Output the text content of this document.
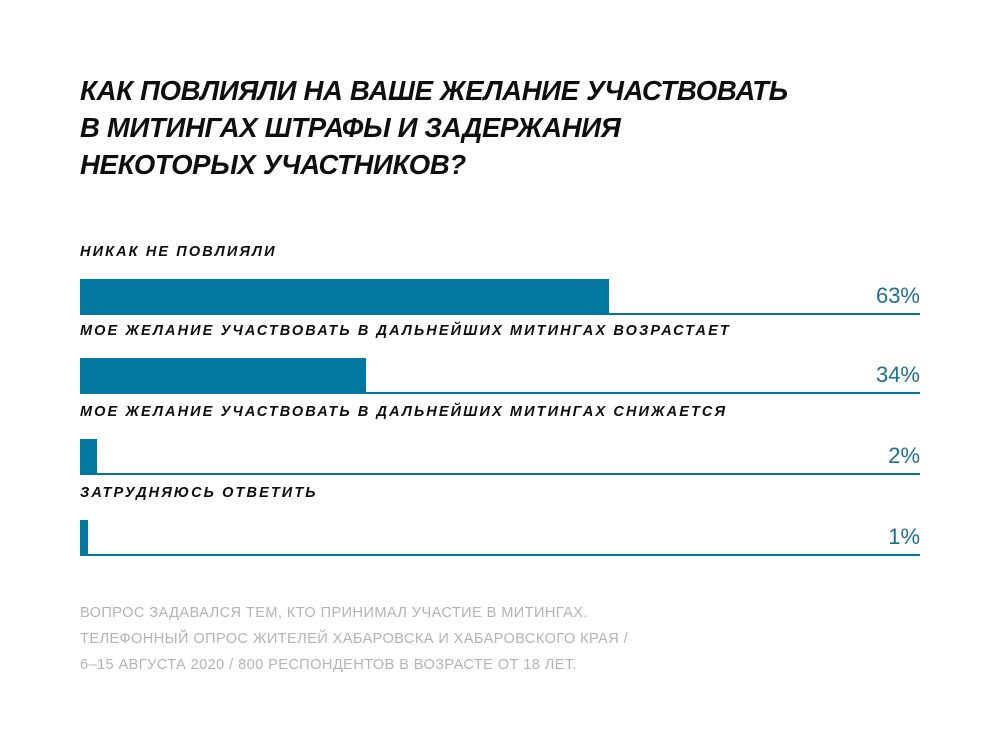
КАК ПОВЛИЯЛИ НА ВАШЕ ЖЕЛАНИЕ УЧАСТВОВАТЬ
В МИТИНГАХ ШТРАФЫ И ЗАДЕРЖАНИЯ
НЕКОТОРЫХ УЧАСТНИКОВ?
НИКАК НЕ ПОВЛИЯЛИ
63%
МОЕ ЖЕЛАНИЕ УЧАСТВОВАТЬ В ДАЛЬНЕЙШИХ МИТИНГАХ ВОЗРАСТАЕТ
34%
МОЕ ЖЕЛАНИЕ УЧАСТВОВАТЬ В ДАЛЬНЕЙШИХ МИТИНГАХ СНИЖАЕТСЯ
2%
ЗАТРУДНЯЮСЬ ОТВЕТИТЬ
1%
ВОПРОС ЗАДАВАЛСЯ ТЕМ, КТО ПРИНИМАЛ УЧАСТИЕ В МИТИНГАХ.
ТЕЛЕФОННЫЙ ОПРОС ЖИТЕЛЕЙ ХАБАРОВСКА И ХАБАРОВСКОГО КРАЯ /
6–15 АВГУСТА 2020 / 800 РЕСПОНДЕНТОВ В ВОЗРАСТЕ ОТ 18 ЛЕТ.
